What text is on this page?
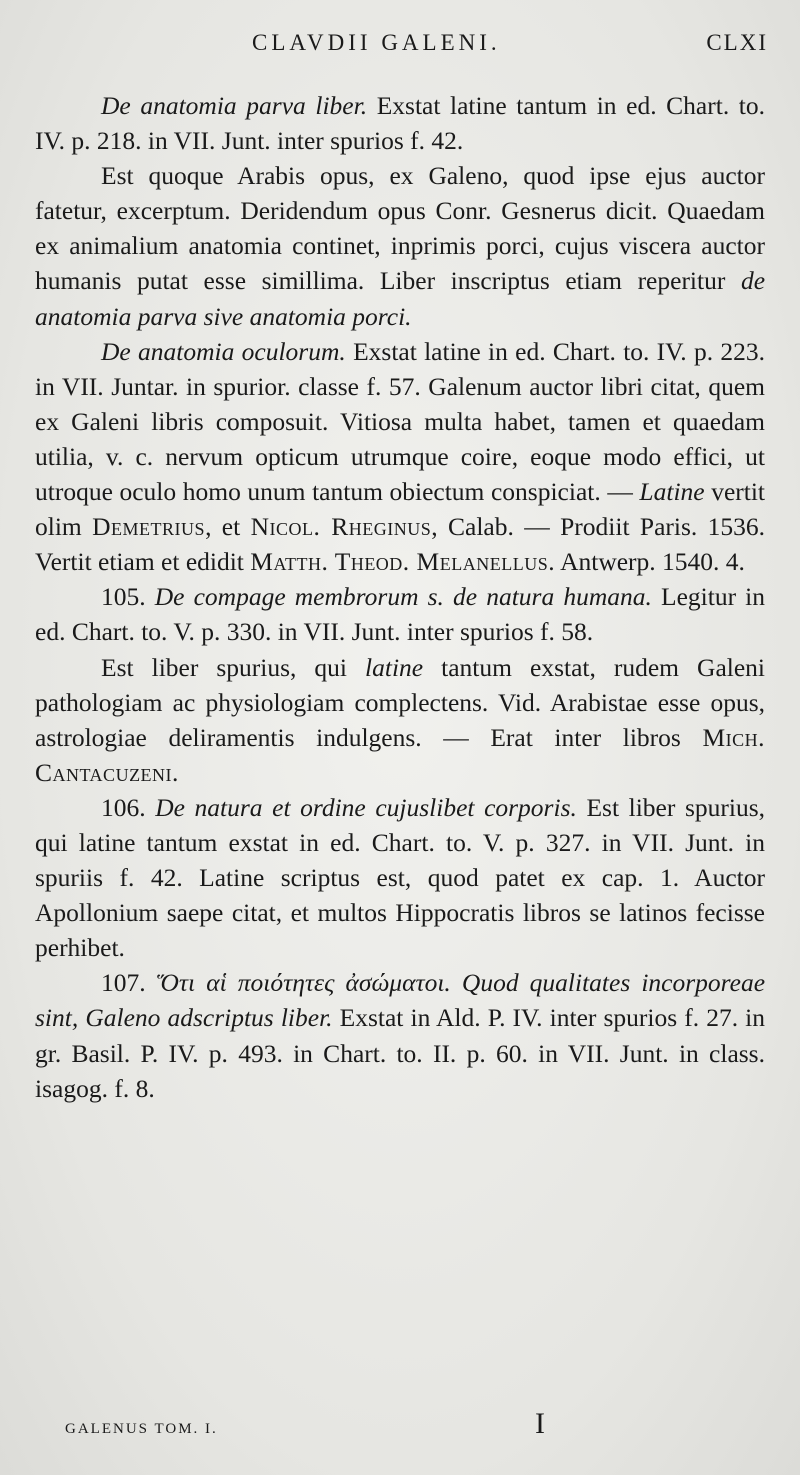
CLAVDII GALENI.	CLXI

De anatomia parva liber. Exstat latine tantum in ed. Chart. to. IV. p. 218. in VII. Junt. inter spurios f. 42.

Est quoque Arabis opus, ex Galeno, quod ipse ejus auctor fatetur, excerptum. Deridendum opus Conr. Gesnerus dicit. Quaedam ex animalium anatomia continet, inprimis porci, cujus viscera auctor humanis putat esse simillima. Liber inscriptus etiam reperitur de anatomia parva sive anatomia porci.

De anatomia oculorum. Exstat latine in ed. Chart. to. IV. p. 223. in VII. Juntar. in spurior. classe f. 57. Galenum auctor libri citat, quem ex Galeni libris composuit. Vitiosa multa habet, tamen et quaedam utilia, v. c. nervum opticum utrumque coire, eoque modo effici, ut utroque oculo homo unum tantum obiectum conspiciat. — Latine vertit olim Demetrius, et Nicol. Rheginus, Calab. — Prodiit Paris. 1536. Vertit etiam et edidit Matth. Theod. Melanellus. Antwerp. 1540. 4.

105. De compage membrorum s. de natura humana. Legitur in ed. Chart. to. V. p. 330. in VII. Junt. inter spurios f. 58.

Est liber spurius, qui latine tantum exstat, rudem Galeni pathologiam ac physiologiam complectens. Vid. Arabistae esse opus, astrologiae deliramentis indulgens. — Erat inter libros Mich. Cantacuzeni.

106. De natura et ordine cujuslibet corporis. Est liber spurius, qui latine tantum exstat in ed. Chart. to. V. p. 327. in VII. Junt. in spuriis f. 42. Latine scriptus est, quod patet ex cap. 1. Auctor Apollonium saepe citat, et multos Hippocratis libros se latinos fecisse perhibet.

107. Ὅτι αἱ ποιότητες ἀσώματοι. Quod qualitates incorporeae sint, Galeno adscriptus liber. Exstat in Ald. P. IV. inter spurios f. 27. in gr. Basil. P. IV. p. 493. in Chart. to. II. p. 60. in VII. Junt. in class. isagog. f. 8.

GALENUS TOM. I.	I
